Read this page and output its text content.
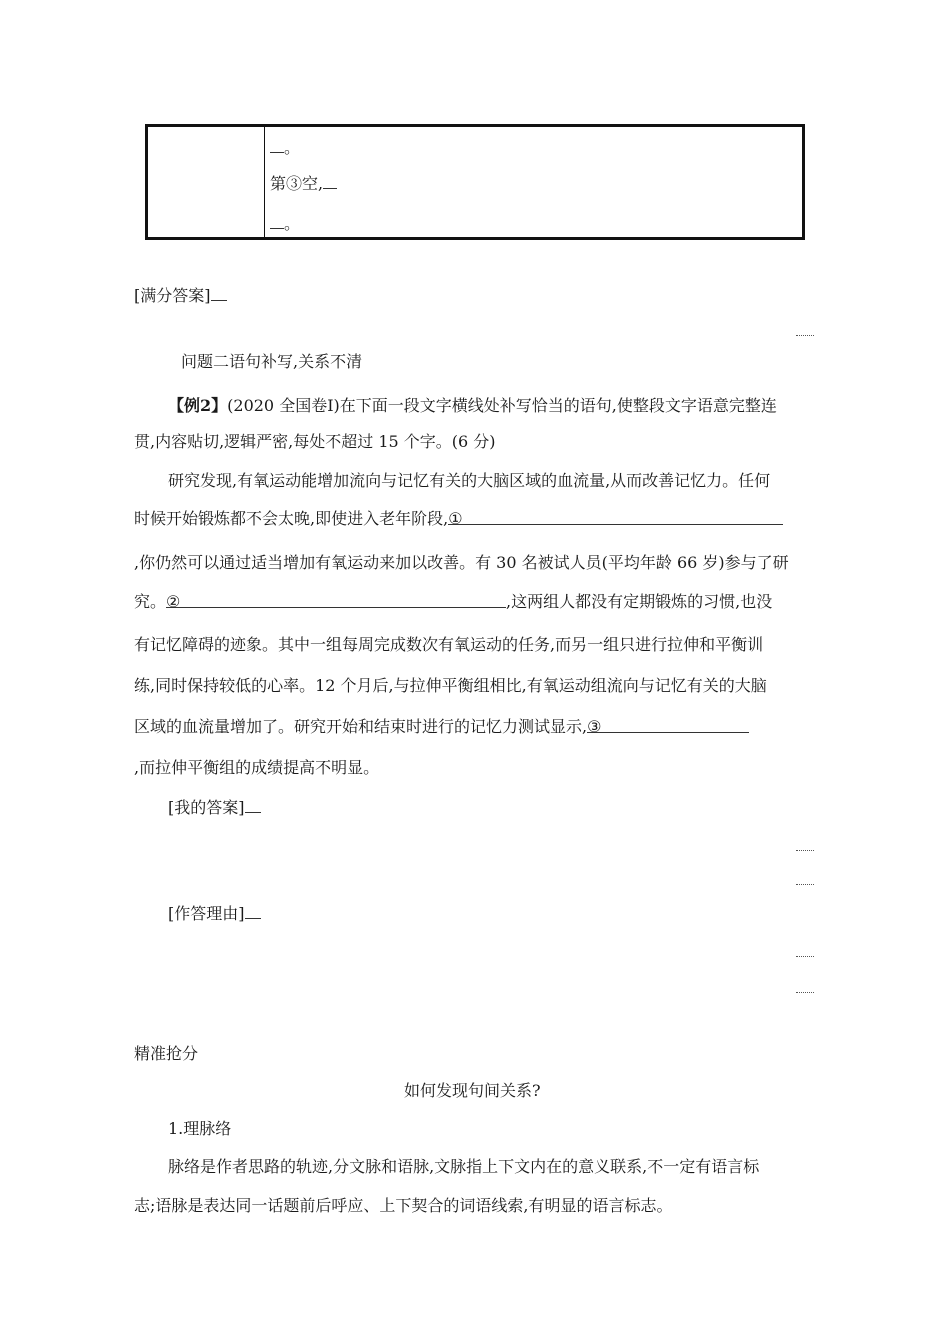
。
第③空,
。
[满分答案]
问题二语句补写,关系不清
【例2】(2020 全国卷Ⅰ)在下面一段文字横线处补写恰当的语句,使整段文字语意完整连
贯,内容贴切,逻辑严密,每处不超过 15 个字。(6 分)
研究发现,有氧运动能增加流向与记忆有关的大脑区域的血流量,从而改善记忆力。任何
时候开始锻炼都不会太晚,即使进入老年阶段,①
,你仍然可以通过适当增加有氧运动来加以改善。有 30 名被试人员(平均年龄 66 岁)参与了研
究。②	,这两组人都没有定期锻炼的习惯,也没
有记忆障碍的迹象。其中一组每周完成数次有氧运动的任务,而另一组只进行拉伸和平衡训
练,同时保持较低的心率。12 个月后,与拉伸平衡组相比,有氧运动组流向与记忆有关的大脑
区域的血流量增加了。研究开始和结束时进行的记忆力测试显示,③
,而拉伸平衡组的成绩提高不明显。
[我的答案]
[作答理由]
精准抢分
如何发现句间关系?
1.理脉络
脉络是作者思路的轨迹,分文脉和语脉,文脉指上下文内在的意义联系,不一定有语言标
志;语脉是表达同一话题前后呼应、上下契合的词语线索,有明显的语言标志。
